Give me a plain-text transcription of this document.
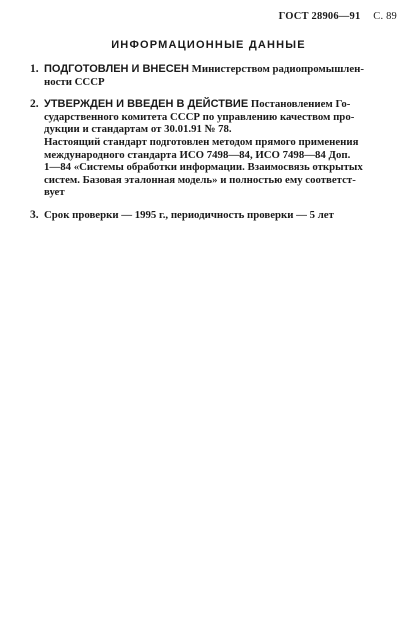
ГОСТ 28906—91 С. 89
ИНФОРМАЦИОННЫЕ ДАННЫЕ
1. ПОДГОТОВЛЕН И ВНЕСЕН Министерством радиопромышлен-
ности СССР

2. УТВЕРЖДЕН И ВВЕДЕН В ДЕЙСТВИЕ Постановлением Го-
сударственного комитета СССР по управлению качеством про-
дукции и стандартам от 30.01.91 № 78.
Настоящий стандарт подготовлен методом прямого применения
международного стандарта ИСО 7498—84, ИСО 7498—84 Доп.
1—84 «Системы обработки информации. Взаимосвязь открытых
систем. Базовая эталонная модель» и полностью ему соответст-
вует

3. Срок проверки — 1995 г., периодичность проверки — 5 лет
